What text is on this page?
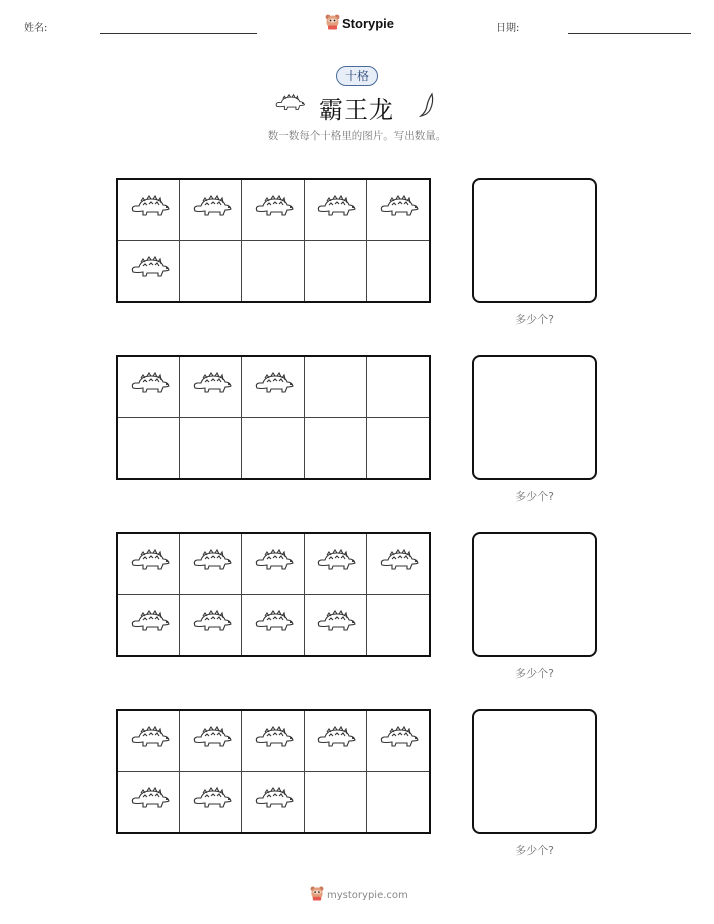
姓名:	Storypie	日期:
十格
霸王龙
数一数每个十格里的图片。写出数量。
多少个?
多少个?
多少个?
多少个?
mystorypie.com
